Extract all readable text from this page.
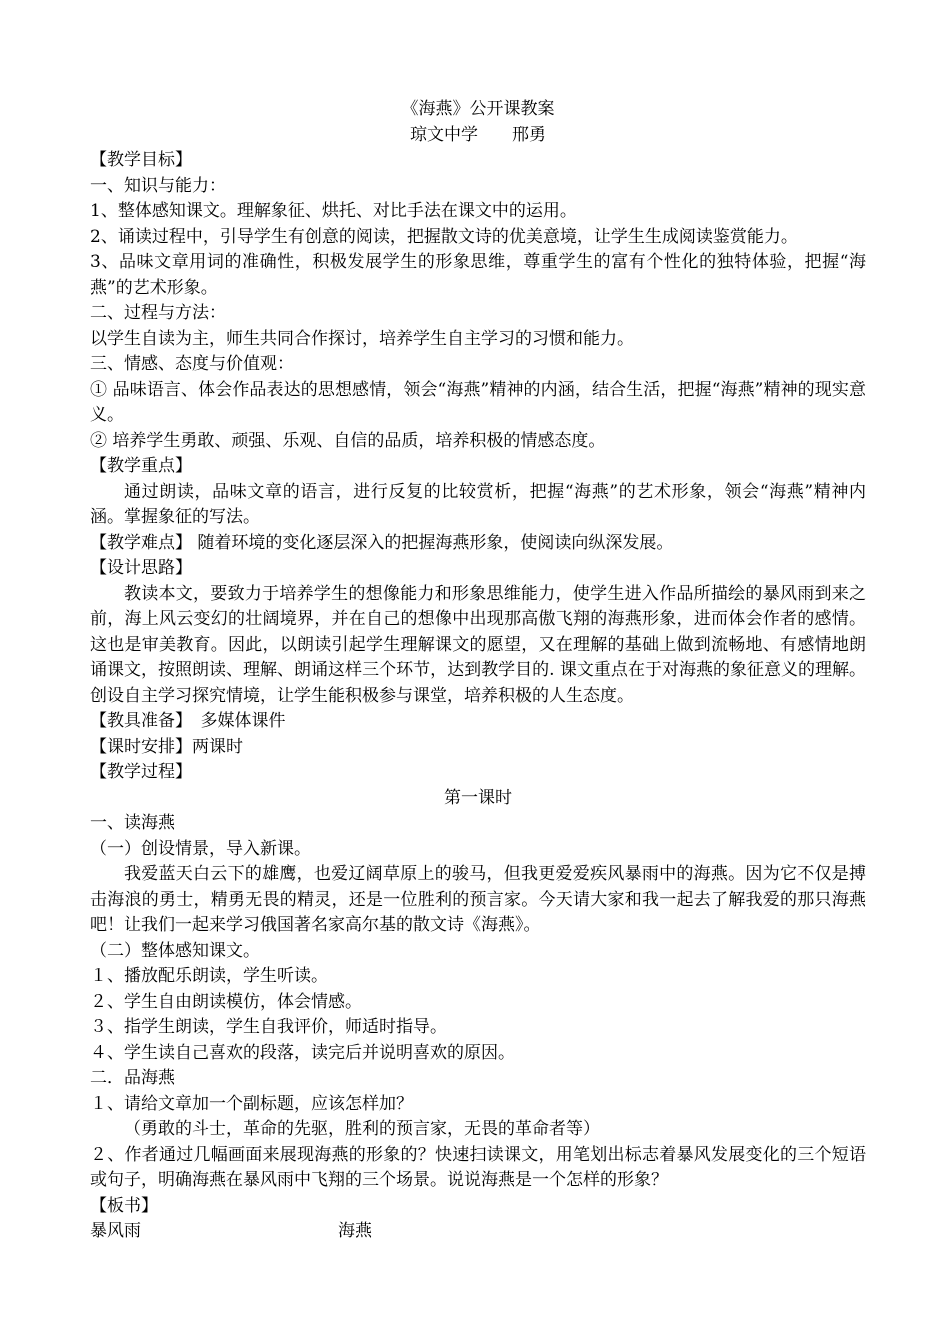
《海燕》公开课教案

琼文中学　　邢勇

【教学目标】

一、知识与能力：

1、整体感知课文。理解象征、烘托、对比手法在课文中的运用。

2、诵读过程中，引导学生有创意的阅读，把握散文诗的优美意境，让学生生成阅读鉴赏能力。

3、品味文章用词的准确性，积极发展学生的形象思维，尊重学生的富有个性化的独特体验，把握“海燕”的艺术形象。

二、过程与方法：

以学生自读为主，师生共同合作探讨，培养学生自主学习的习惯和能力。

三、情感、态度与价值观：

① 品味语言、体会作品表达的思想感情，领会“海燕”精神的内涵，结合生活，把握“海燕”精神的现实意义。

② 培养学生勇敢、顽强、乐观、自信的品质，培养积极的情感态度。

【教学重点】

通过朗读，品味文章的语言，进行反复的比较赏析，把握“海燕”的艺术形象，领会“海燕”精神内涵。掌握象征的写法。

【教学难点】 随着环境的变化逐层深入的把握海燕形象，使阅读向纵深发展。

【设计思路】

教读本文，要致力于培养学生的想像能力和形象思维能力，使学生进入作品所描绘的暴风雨到来之前，海上风云变幻的壮阔境界，并在自己的想像中出现那高傲飞翔的海燕形象，进而体会作者的感情。这也是审美教育。因此，以朗读引起学生理解课文的愿望，又在理解的基础上做到流畅地、有感情地朗诵课文，按照朗读、理解、朗诵这样三个环节，达到教学目的. 课文重点在于对海燕的象征意义的理解。创设自主学习探究情境，让学生能积极参与课堂，培养积极的人生态度。

【教具准备】　多媒体课件

【课时安排】两课时

【教学过程】

第一课时

一、读海燕

（一）创设情景，导入新课。

我爱蓝天白云下的雄鹰，也爱辽阔草原上的骏马，但我更爱爱疾风暴雨中的海燕。因为它不仅是搏击海浪的勇士，精勇无畏的精灵，还是一位胜利的预言家。今天请大家和我一起去了解我爱的那只海燕吧！让我们一起来学习俄国著名家高尔基的散文诗《海燕》。

（二）整体感知课文。

１、播放配乐朗读，学生听读。

２、学生自由朗读模仿，体会情感。

３、指学生朗读，学生自我评价，师适时指导。

４、学生读自己喜欢的段落，读完后并说明喜欢的原因。

二．品海燕

１、请给文章加一个副标题，应该怎样加？

（勇敢的斗士，革命的先驱，胜利的预言家，无畏的革命者等）

２、作者通过几幅画面来展现海燕的形象的？快速扫读课文，用笔划出标志着暴风发展变化的三个短语或句子，明确海燕在暴风雨中飞翔的三个场景。说说海燕是一个怎样的形象？

【板书】

暴风雨	海燕
